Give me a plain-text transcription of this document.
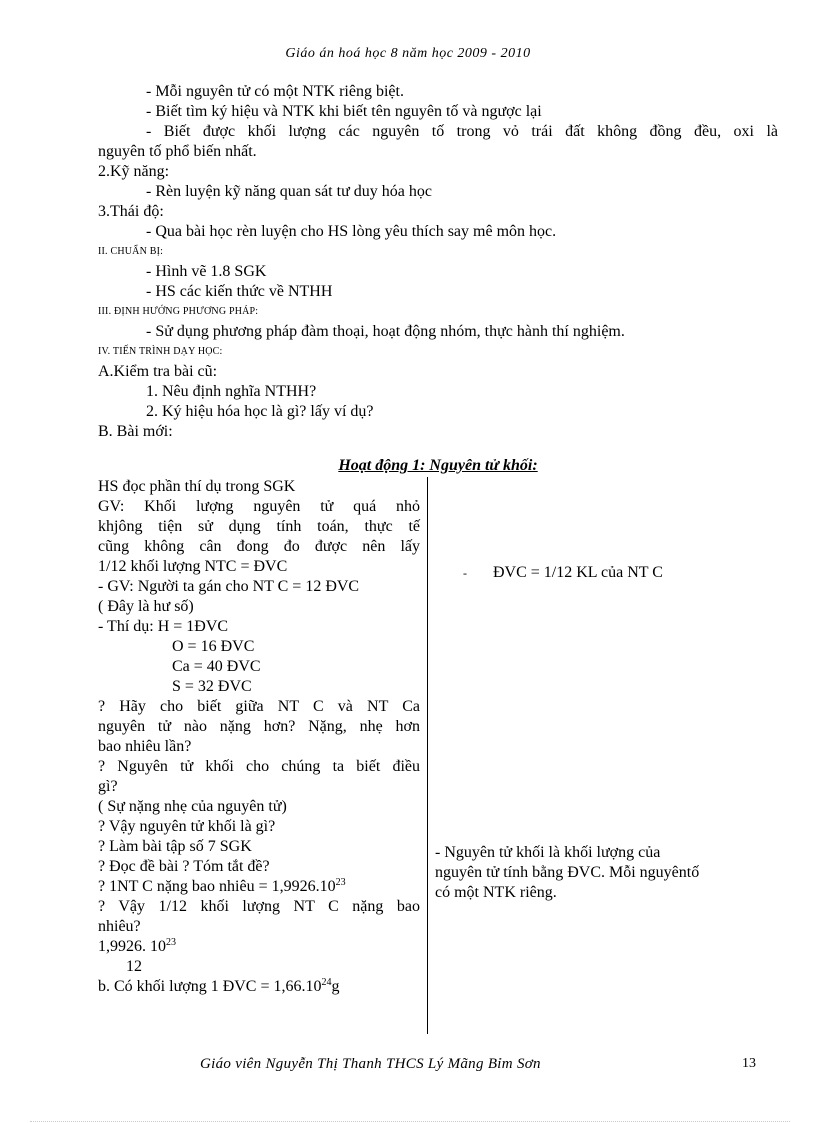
Giáo án hoá học 8 năm học 2009 - 2010
- Mỗi nguyên tử có một NTK riêng biệt.
- Biết tìm ký hiệu và NTK khi biết tên nguyên tố và ngược lại
- Biết được khối lượng các nguyên tố trong vỏ trái đất không đồng đều, oxi là
nguyên tố phổ biến nhất.
2.Kỹ năng:
- Rèn luyện kỹ năng quan sát tư duy hóa học
3.Thái độ:
- Qua bài học rèn luyện cho HS lòng yêu thích say mê môn học.
II. CHUẨN BỊ:
- Hình vẽ 1.8 SGK
- HS các kiến thức về NTHH
III. ĐỊNH HƯỚNG PHƯƠNG PHÁP:
- Sử dụng phương pháp đàm thoại, hoạt động nhóm, thực hành thí nghiệm.
IV. TIẾN TRÌNH DẠY HỌC:
A.Kiểm tra bài cũ:
1. Nêu định nghĩa NTHH?
2. Ký hiệu hóa học là gì? lấy ví dụ?
B. Bài mới:
Hoạt động 1: Nguyên tử khối:
HS đọc phần thí dụ trong SGK
GV: Khối lượng nguyên tử quá nhỏ
khjông tiện sử dụng tính toán, thực tế
cũng không cân đong đo được nên lấy
1/12 khối lượng NTC = ĐVC
- GV: Người ta gán cho NT C = 12 ĐVC
( Đây là hư số)
- Thí dụ: H = 1ĐVC
O = 16 ĐVC
Ca = 40 ĐVC
S = 32 ĐVC
? Hãy cho biết giữa NT C và NT Ca
nguyên tử nào nặng hơn? Nặng, nhẹ hơn
bao nhiêu lần?
? Nguyên tử khối cho chúng ta biết điều
gì?
( Sự nặng nhẹ của nguyên tử)
? Vậy nguyên tử khối là gì?
? Làm bài tập số 7 SGK
? Đọc đề bài ? Tóm tắt đề?
? 1NT C nặng bao nhiêu = $1,9926.10^{23}$
? Vậy 1/12 khối lượng NT C nặng bao
nhiêu?
1,9926. $10^{23}$
12
b. Có khối lượng 1 ĐVC = $1,66.10^{24}g$
- ĐVC = 1/12 KL của NT C
- Nguyên tử khối là khối lượng của
nguyên tử tính bằng ĐVC. Mỗi nguyêntố
có một NTK riêng.
Giáo viên Nguyễn Thị Thanh THCS Lý Mãng Bỉm Sơn	13
